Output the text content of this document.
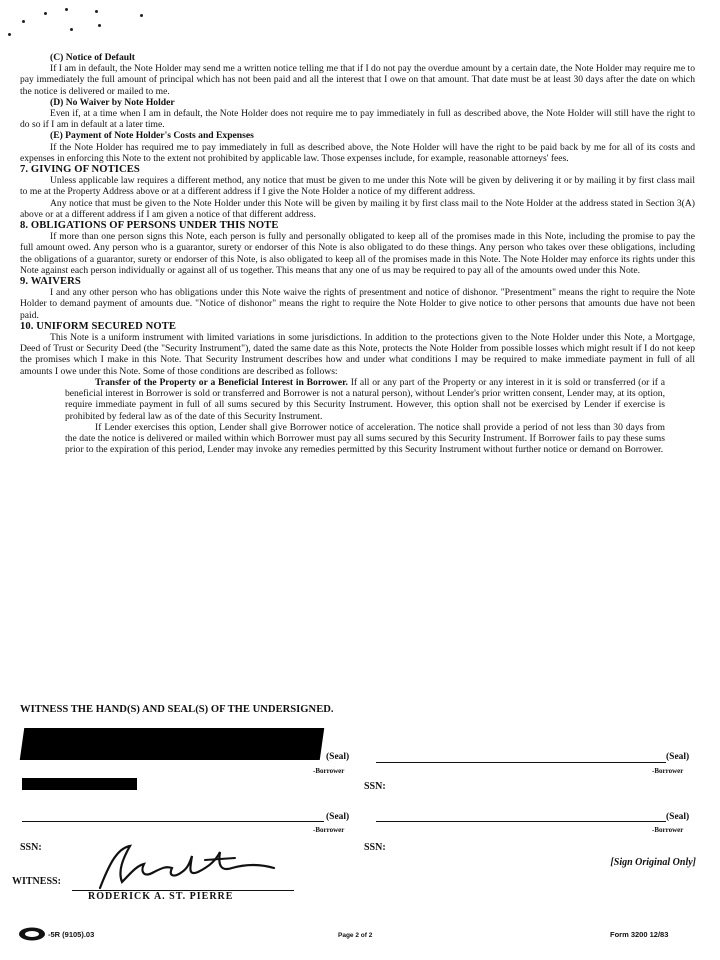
(C) Notice of Default

If I am in default, the Note Holder may send me a written notice telling me that if I do not pay the overdue amount by a certain date, the Note Holder may require me to pay immediately the full amount of principal which has not been paid and all the interest that I owe on that amount. That date must be at least 30 days after the date on which the notice is delivered or mailed to me.

(D) No Waiver by Note Holder

Even if, at a time when I am in default, the Note Holder does not require me to pay immediately in full as described above, the Note Holder will still have the right to do so if I am in default at a later time.

(E) Payment of Note Holder's Costs and Expenses

If the Note Holder has required me to pay immediately in full as described above, the Note Holder will have the right to be paid back by me for all of its costs and expenses in enforcing this Note to the extent not prohibited by applicable law. Those expenses include, for example, reasonable attorneys' fees.

7. GIVING OF NOTICES

Unless applicable law requires a different method, any notice that must be given to me under this Note will be given by delivering it or by mailing it by first class mail to me at the Property Address above or at a different address if I give the Note Holder a notice of my different address.

Any notice that must be given to the Note Holder under this Note will be given by mailing it by first class mail to the Note Holder at the address stated in Section 3(A) above or at a different address if I am given a notice of that different address.

8. OBLIGATIONS OF PERSONS UNDER THIS NOTE

If more than one person signs this Note, each person is fully and personally obligated to keep all of the promises made in this Note, including the promise to pay the full amount owed. Any person who is a guarantor, surety or endorser of this Note is also obligated to do these things. Any person who takes over these obligations, including the obligations of a guarantor, surety or endorser of this Note, is also obligated to keep all of the promises made in this Note. The Note Holder may enforce its rights under this Note against each person individually or against all of us together. This means that any one of us may be required to pay all of the amounts owed under this Note.

9. WAIVERS

I and any other person who has obligations under this Note waive the rights of presentment and notice of dishonor. "Presentment" means the right to require the Note Holder to demand payment of amounts due. "Notice of dishonor" means the right to require the Note Holder to give notice to other persons that amounts due have not been paid.

10. UNIFORM SECURED NOTE

This Note is a uniform instrument with limited variations in some jurisdictions. In addition to the protections given to the Note Holder under this Note, a Mortgage, Deed of Trust or Security Deed (the "Security Instrument"), dated the same date as this Note, protects the Note Holder from possible losses which might result if I do not keep the promises which I make in this Note. That Security Instrument describes how and under what conditions I may be required to make immediate payment in full of all amounts I owe under this Note. Some of those conditions are described as follows:

Transfer of the Property or a Beneficial Interest in Borrower. If all or any part of the Property or any interest in it is sold or transferred (or if a beneficial interest in Borrower is sold or transferred and Borrower is not a natural person), without Lender's prior written consent, Lender may, at its option, require immediate payment in full of all sums secured by this Security Instrument. However, this option shall not be exercised by Lender if exercise is prohibited by federal law as of the date of this Security Instrument.

If Lender exercises this option, Lender shall give Borrower notice of acceleration. The notice shall provide a period of not less than 30 days from the date the notice is delivered or mailed within which Borrower must pay all sums secured by this Security Instrument. If Borrower fails to pay these sums prior to the expiration of this period, Lender may invoke any remedies permitted by this Security Instrument without further notice or demand on Borrower.

WITNESS THE HAND(S) AND SEAL(S) OF THE UNDERSIGNED.
(Seal)
-Borrower
(Seal)
-Borrower
SSN:
(Seal)
-Borrower
SSN:
(Seal)
-Borrower
SSN:
[Sign Original Only]
WITNESS:
RODERICK A. ST. PIERRE
-5R (9105).03	Page 2 of 2	Form 3200 12/83
